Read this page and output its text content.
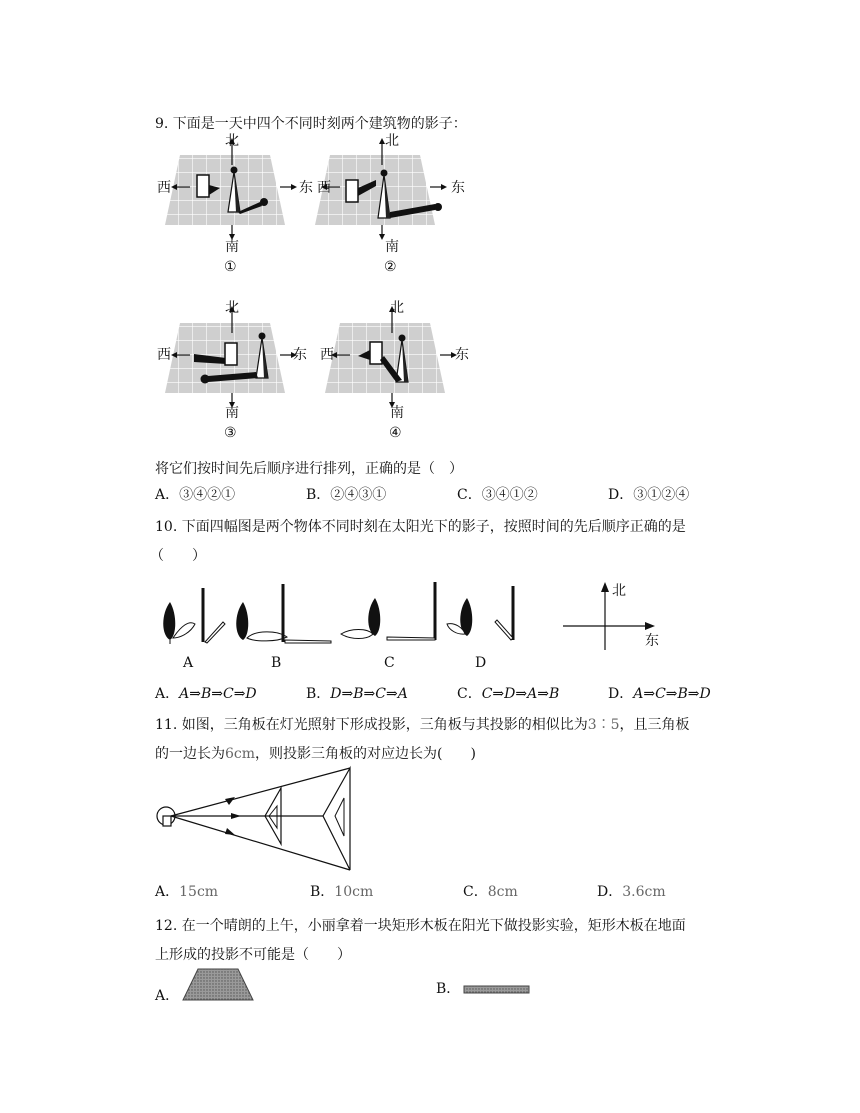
9. 下面是一天中四个不同时刻两个建筑物的影子：
北
西	东
南
①
北
西	东
南
②
北
西	东
南
③
北
西	东
南
④
将它们按时间先后顺序进行排列，正确的是（　）
A．③④②①	B．②④③①	C．③④①②	D．③①②④
10. 下面四幅图是两个物体不同时刻在太阳光下的影子，按照时间的先后顺序正确的是
（　　）
A	B	C	D
北
东
A．A⇒B⇒C⇒D	B．D⇒B⇒C⇒A	C．C⇒D⇒A⇒B	D．A⇒C⇒B⇒D
11. 如图，三角板在灯光照射下形成投影，三角板与其投影的相似比为3∶5，且三角板
的一边长为6cm，则投影三角板的对应边长为(　　)
A．15cm	B．10cm	C．8cm	D．3.6cm
12. 在一个晴朗的上午，小丽拿着一块矩形木板在阳光下做投影实验，矩形木板在地面
上形成的投影不可能是（　　）
A．	B．
